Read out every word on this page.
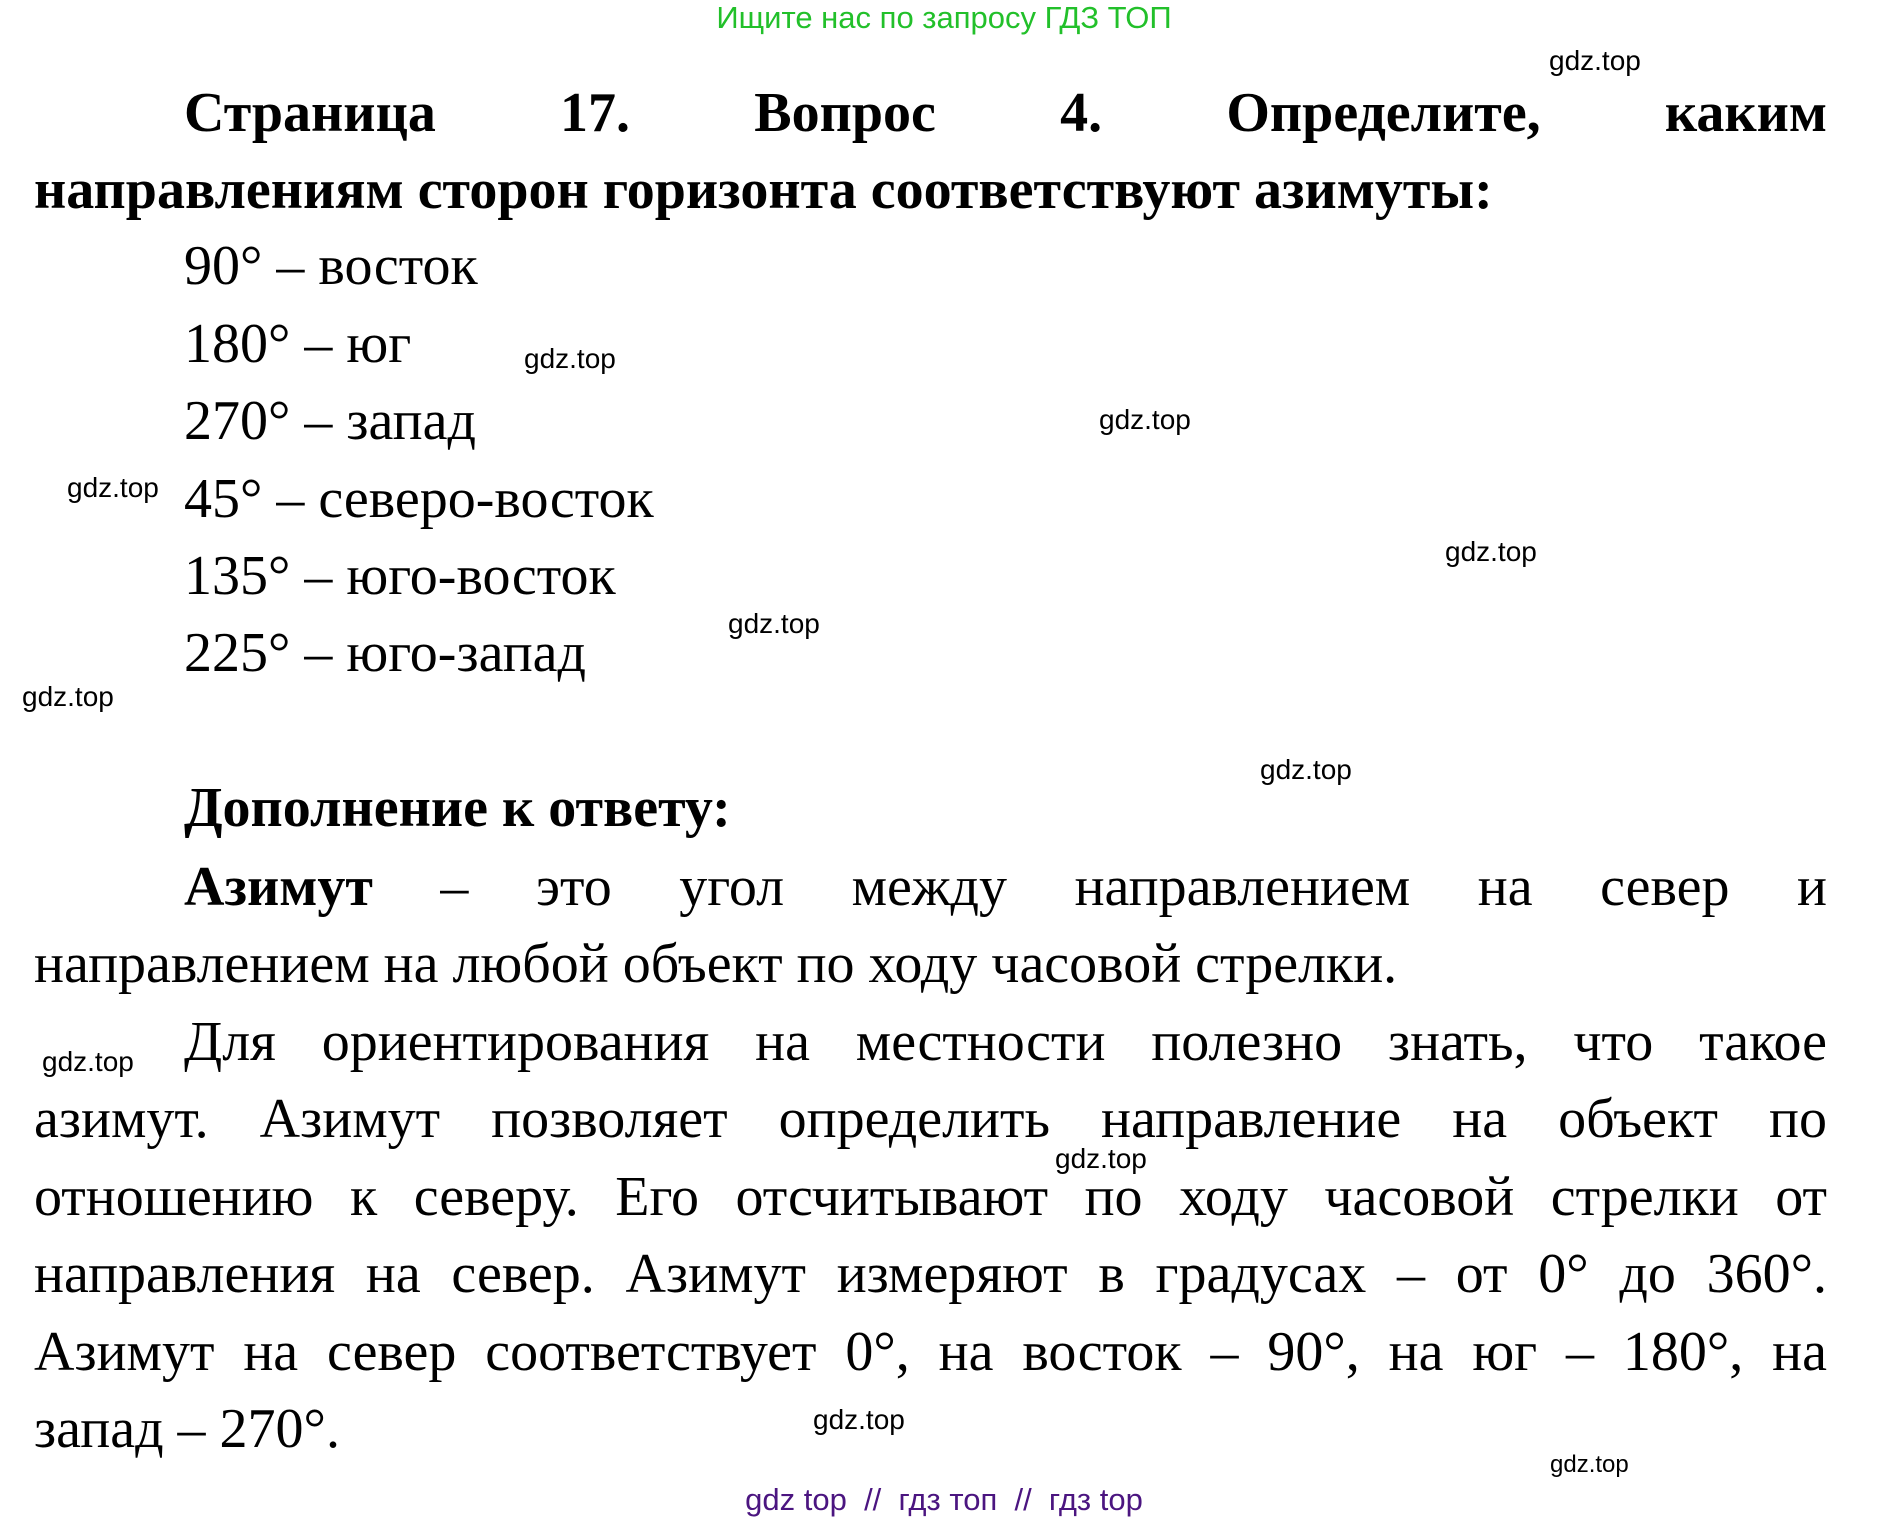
Ищите нас по запросу ГДЗ ТОП
Страница 17. Вопрос 4. Определите, каким
направлениям сторон горизонта соответствуют азимуты:
90° – восток
180° – юг
270° – запад
45° – северо-восток
135° – юго-восток
225° – юго-запад
Дополнение к ответу:
Азимут – это угол между направлением на север и
направлением на любой объект по ходу часовой стрелки.
Для ориентирования на местности полезно знать, что такое
азимут. Азимут позволяет определить направление на объект по
отношению к северу. Его отсчитывают по ходу часовой стрелки от
направления на север. Азимут измеряют в градусах – от 0° до 360°.
Азимут на север соответствует 0°, на восток – 90°, на юг – 180°, на
запад – 270°.
gdz.top
gdz.top
gdz.top
gdz.top
gdz.top
gdz.top
gdz.top
gdz.top
gdz.top
gdz.top
gdz.top
gdz.top
gdz top  //  гдз топ  //  гдз top
